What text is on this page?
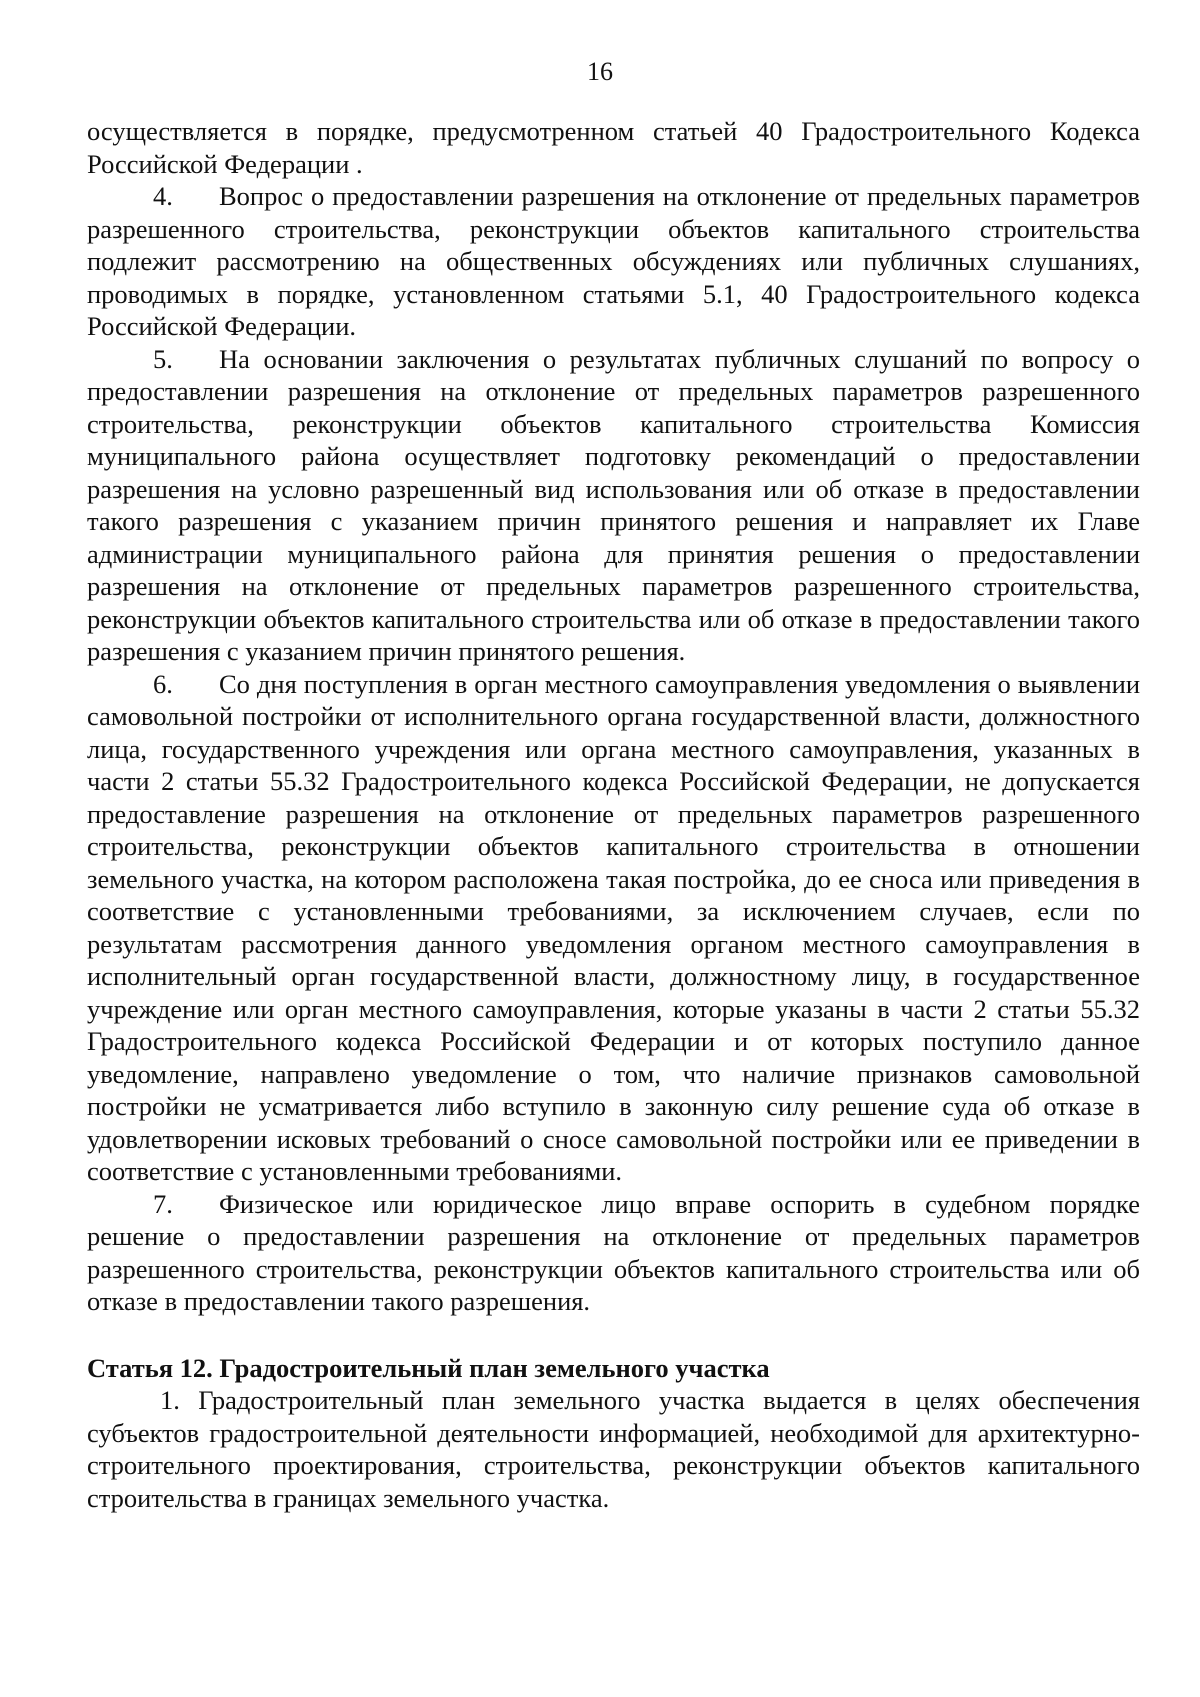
16

осуществляется в порядке, предусмотренном статьей 40 Градостроительного Кодекса Российской Федерации .

4. Вопрос о предоставлении разрешения на отклонение от предельных параметров разрешенного строительства, реконструкции объектов капитального строительства подлежит рассмотрению на общественных обсуждениях или публичных слушаниях, проводимых в порядке, установленном статьями 5.1, 40 Градостроительного кодекса Российской Федерации.

5. На основании заключения о результатах публичных слушаний по вопросу о предоставлении разрешения на отклонение от предельных параметров разрешенного строительства, реконструкции объектов капитального строительства Комиссия муниципального района осуществляет подготовку рекомендаций о предоставлении разрешения на условно разрешенный вид использования или об отказе в предоставлении такого разрешения с указанием причин принятого решения и направляет их Главе администрации муниципального района для принятия решения о предоставлении разрешения на отклонение от предельных параметров разрешенного строительства, реконструкции объектов капитального строительства или об отказе в предоставлении такого разрешения с указанием причин принятого решения.

6. Со дня поступления в орган местного самоуправления уведомления о выявлении самовольной постройки от исполнительного органа государственной власти, должностного лица, государственного учреждения или органа местного самоуправления, указанных в части 2 статьи 55.32 Градостроительного кодекса Российской Федерации, не допускается предоставление разрешения на отклонение от предельных параметров разрешенного строительства, реконструкции объектов капитального строительства в отношении земельного участка, на котором расположена такая постройка, до ее сноса или приведения в соответствие с установленными требованиями, за исключением случаев, если по результатам рассмотрения данного уведомления органом местного самоуправления в исполнительный орган государственной власти, должностному лицу, в государственное учреждение или орган местного самоуправления, которые указаны в части 2 статьи 55.32 Градостроительного кодекса Российской Федерации и от которых поступило данное уведомление, направлено уведомление о том, что наличие признаков самовольной постройки не усматривается либо вступило в законную силу решение суда об отказе в удовлетворении исковых требований о сносе самовольной постройки или ее приведении в соответствие с установленными требованиями.

7. Физическое или юридическое лицо вправе оспорить в судебном порядке решение о предоставлении разрешения на отклонение от предельных параметров разрешенного строительства, реконструкции объектов капитального строительства или об отказе в предоставлении такого разрешения.

Статья 12. Градостроительный план земельного участка

1. Градостроительный план земельного участка выдается в целях обеспечения субъектов градостроительной деятельности информацией, необходимой для архитектурно-строительного проектирования, строительства, реконструкции объектов капитального строительства в границах земельного участка.
